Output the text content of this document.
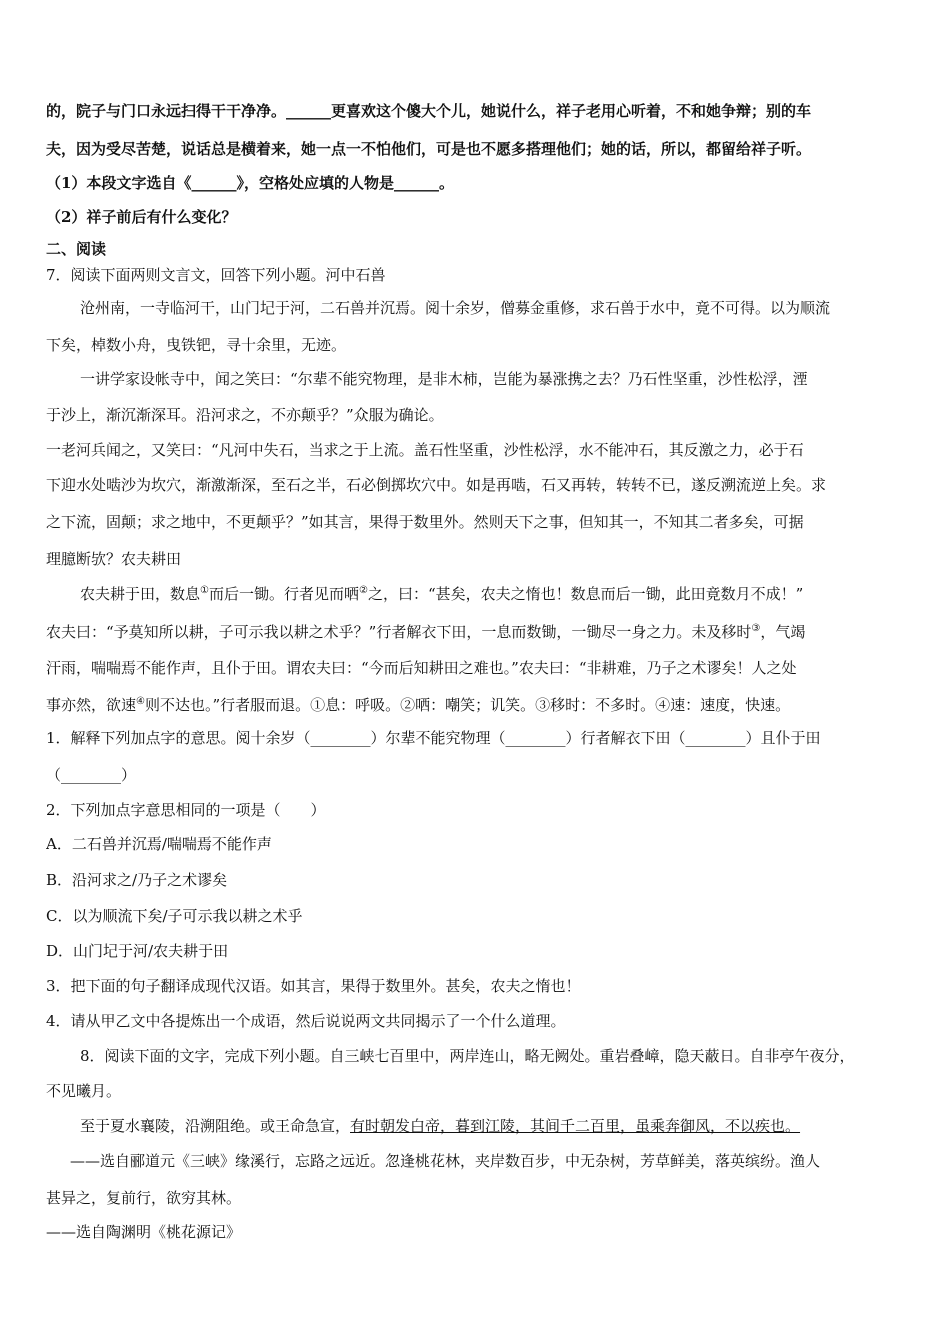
的，院子与门口永远扫得干干净净。______更喜欢这个傻大个儿，她说什么，祥子老用心听着，不和她争辩；别的车
夫，因为受尽苦楚，说话总是横着来，她一点一不怕他们，可是也不愿多搭理他们；她的话，所以，都留给祥子听。
（1）本段文字选自《______》，空格处应填的人物是______。
（2）祥子前后有什么变化？
二、阅读
7．阅读下面两则文言文，回答下列小题。河中石兽
沧州南，一寺临河干，山门圮于河，二石兽并沉焉。阅十余岁，僧募金重修，求石兽于水中，竟不可得。以为顺流
下矣，棹数小舟，曳铁钯，寻十余里，无迹。
一讲学家设帐寺中，闻之笑曰：“尔辈不能究物理，是非木柿，岂能为暴涨携之去？乃石性坚重，沙性松浮，湮
于沙上，渐沉渐深耳。沿河求之，不亦颠乎？”众服为确论。
一老河兵闻之，又笑曰：“凡河中失石，当求之于上流。盖石性坚重，沙性松浮，水不能冲石，其反激之力，必于石
下迎水处啮沙为坎穴，渐激渐深，至石之半，石必倒掷坎穴中。如是再啮，石又再转，转转不已，遂反溯流逆上矣。求
之下流，固颠；求之地中，不更颠乎？”如其言，果得于数里外。然则天下之事，但知其一，不知其二者多矣，可据
理臆断欤？农夫耕田
农夫耕于田，数息①而后一锄。行者见而哂②之，曰：“甚矣，农夫之惰也！数息而后一锄，此田竟数月不成！”
农夫曰：“予莫知所以耕，子可示我以耕之术乎？”行者解衣下田，一息而数锄，一锄尽一身之力。未及移时③，气竭
汗雨，喘喘焉不能作声，且仆于田。谓农夫曰：“今而后知耕田之难也。”农夫曰：“非耕难，乃子之术谬矣！人之处
事亦然，欲速④则不达也。”行者服而退。①息：呼吸。②哂：嘲笑；讥笑。③移时：不多时。④速：速度，快速。
1．解释下列加点字的意思。阅十余岁（________）尔辈不能究物理（________）行者解衣下田（________）且仆于田
（________）
2．下列加点字意思相同的一项是（　　）
A．二石兽并沉焉/喘喘焉不能作声
B．沿河求之/乃子之术谬矣
C．以为顺流下矣/子可示我以耕之术乎
D．山门圮于河/农夫耕于田
3．把下面的句子翻译成现代汉语。如其言，果得于数里外。甚矣，农夫之惰也！
4．请从甲乙文中各提炼出一个成语，然后说说两文共同揭示了一个什么道理。
8．阅读下面的文字，完成下列小题。自三峡七百里中，两岸连山，略无阙处。重岩叠嶂，隐天蔽日。自非亭午夜分，
不见曦月。
至于夏水襄陵，沿溯阻绝。或王命急宣，有时朝发白帝，暮到江陵，其间千二百里，虽乘奔御风，不以疾也。
——选自郦道元《三峡》缘溪行，忘路之远近。忽逢桃花林，夹岸数百步，中无杂树，芳草鲜美，落英缤纷。渔人
甚异之，复前行，欲穷其林。
——选自陶渊明《桃花源记》
